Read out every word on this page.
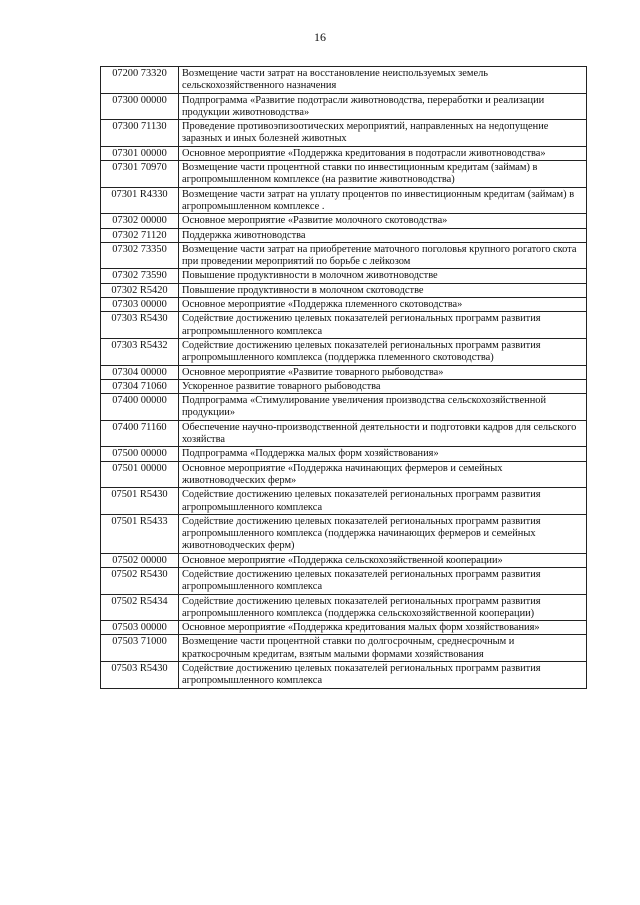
16
07200 73320	Возмещение части затрат на восстановление неиспользуемых земель сельскохозяйственного назначения
07300 00000	Подпрограмма «Развитие подотрасли животноводства, переработки и реализации продукции животноводства»
07300 71130	Проведение противоэпизоотических мероприятий, направленных на недопущение заразных и иных болезней животных
07301 00000	Основное мероприятие «Поддержка кредитования в подотрасли животноводства»
07301 70970	Возмещение части процентной ставки по инвестиционным кредитам (займам) в агропромышленном комплексе (на развитие животноводства)
07301 R4330	Возмещение части затрат на уплату процентов по инвестиционным кредитам (займам) в агропромышленном комплексе .
07302 00000	Основное мероприятие «Развитие молочного скотоводства»
07302 71120	Поддержка животноводства
07302 73350	Возмещение части затрат на приобретение маточного поголовья крупного рогатого скота при проведении мероприятий по борьбе с лейкозом
07302 73590	Повышение продуктивности в молочном животноводстве
07302 R5420	Повышение продуктивности в молочном скотоводстве
07303 00000	Основное мероприятие «Поддержка племенного скотоводства»
07303 R5430	Содействие достижению целевых показателей региональных программ развития агропромышленного комплекса
07303 R5432	Содействие достижению целевых показателей региональных программ развития агропромышленного комплекса (поддержка племенного скотоводства)
07304 00000	Основное мероприятие «Развитие товарного рыбоводства»
07304 71060	Ускоренное развитие товарного рыбоводства
07400 00000	Подпрограмма «Стимулирование увеличения производства сельскохозяйственной продукции»
07400 71160	Обеспечение научно-производственной деятельности и подготовки кадров для сельского хозяйства
07500 00000	Подпрограмма «Поддержка малых форм хозяйствования»
07501 00000	Основное мероприятие «Поддержка начинающих фермеров и семейных животноводческих ферм»
07501 R5430	Содействие достижению целевых показателей региональных программ развития агропромышленного комплекса
07501 R5433	Содействие достижению целевых показателей региональных программ развития агропромышленного комплекса (поддержка начинающих фермеров и семейных животноводческих ферм)
07502 00000	Основное мероприятие «Поддержка сельскохозяйственной кооперации»
07502 R5430	Содействие достижению целевых показателей региональных программ развития агропромышленного комплекса
07502 R5434	Содействие достижению целевых показателей региональных программ развития агропромышленного комплекса (поддержка сельскохозяйственной кооперации)
07503 00000	Основное мероприятие «Поддержка кредитования малых форм хозяйствования»
07503 71000	Возмещение части процентной ставки по долгосрочным, среднесрочным и краткосрочным кредитам, взятым малыми формами хозяйствования
07503 R5430	Содействие достижению целевых показателей региональных программ развития агропромышленного комплекса
